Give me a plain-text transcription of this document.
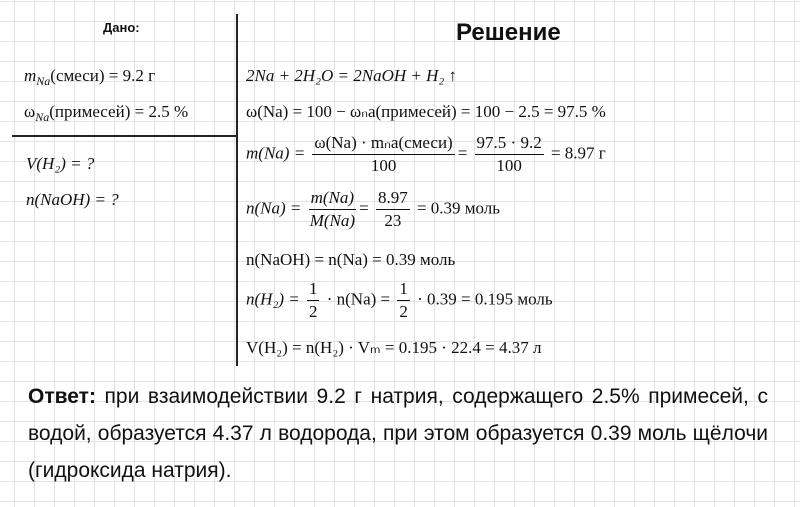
Дано:
$m_{Na}(смеси) = 9.2$ г
$\omega_{Na}(примесей) = 2.5$ %
V(H₂) = ?
n(NaOH) = ?
Решение
2Na + 2H₂O = 2NaOH + H₂ ↑
ω(Na) = 100 − ωₙa(примесей) = 100 − 2.5 = 97.5 %
$m(Na) = \frac{\text{ω(Na) · mₙa(смеси)}}{100} = \frac{97.5 \cdot 9.2}{100} = 8.97$ г
$n(Na) = \frac{m(Na)}{M(Na)} = \frac{8.97}{23} = 0.39$ моль
n(NaOH) = n(Na) = 0.39 моль
$n(H_2) = \frac{1}{2} \cdot n(Na) = \frac{1}{2} \cdot 0.39 = 0.195$ моль
V(H₂) = n(H₂) · Vₘ = 0.195 · 22.4 = 4.37 л
Ответ: при взаимодействии 9.2 г натрия, содержащего 2.5% примесей, с водой, образуется 4.37 л водорода, при этом образуется 0.39 моль щёлочи (гидроксида натрия).
